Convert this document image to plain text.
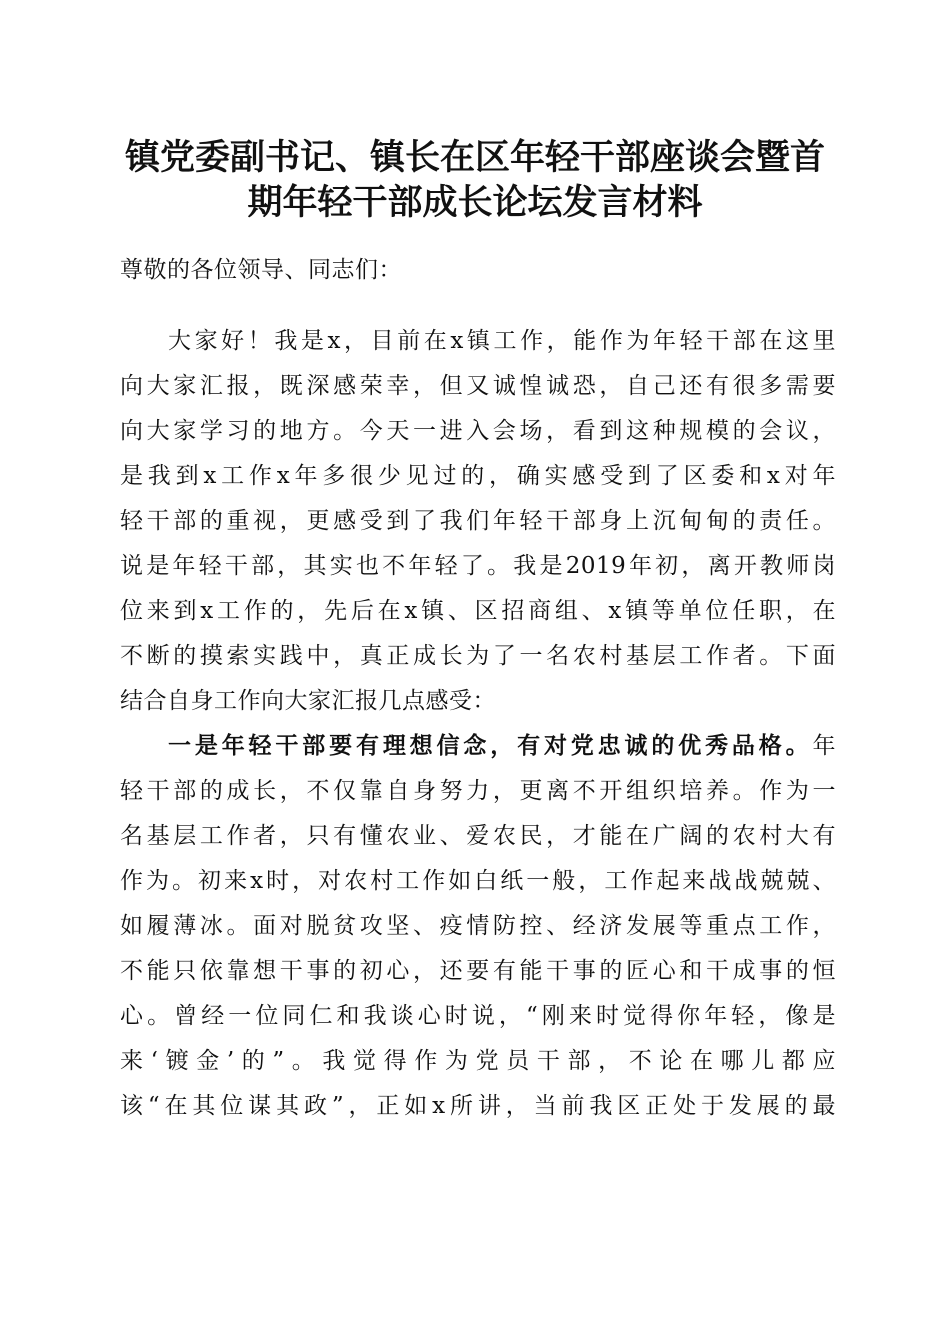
镇党委副书记、镇长在区年轻干部座谈会暨首
期年轻干部成长论坛发言材料
尊敬的各位领导、同志们：
大家好！我是x，目前在x镇工作，能作为年轻干部在这里
向大家汇报，既深感荣幸，但又诚惶诚恐，自己还有很多需要
向大家学习的地方。今天一进入会场，看到这种规模的会议，
是我到x工作x年多很少见过的，确实感受到了区委和x对年
轻干部的重视，更感受到了我们年轻干部身上沉甸甸的责任。
说是年轻干部，其实也不年轻了。我是2019年初，离开教师岗
位来到x工作的，先后在x镇、区招商组、x镇等单位任职，在
不断的摸索实践中，真正成长为了一名农村基层工作者。下面
结合自身工作向大家汇报几点感受：
一是年轻干部要有理想信念，有对党忠诚的优秀品格。年
轻干部的成长，不仅靠自身努力，更离不开组织培养。作为一
名基层工作者，只有懂农业、爱农民，才能在广阔的农村大有
作为。初来x时，对农村工作如白纸一般，工作起来战战兢兢、
如履薄冰。面对脱贫攻坚、疫情防控、经济发展等重点工作，
不能只依靠想干事的初心，还要有能干事的匠心和干成事的恒
心。曾经一位同仁和我谈心时说，“刚来时觉得你年轻，像是
来‘镀金’的”。我觉得作为党员干部，不论在哪儿都应
该“在其位谋其政”，正如x所讲，当前我区正处于发展的最
